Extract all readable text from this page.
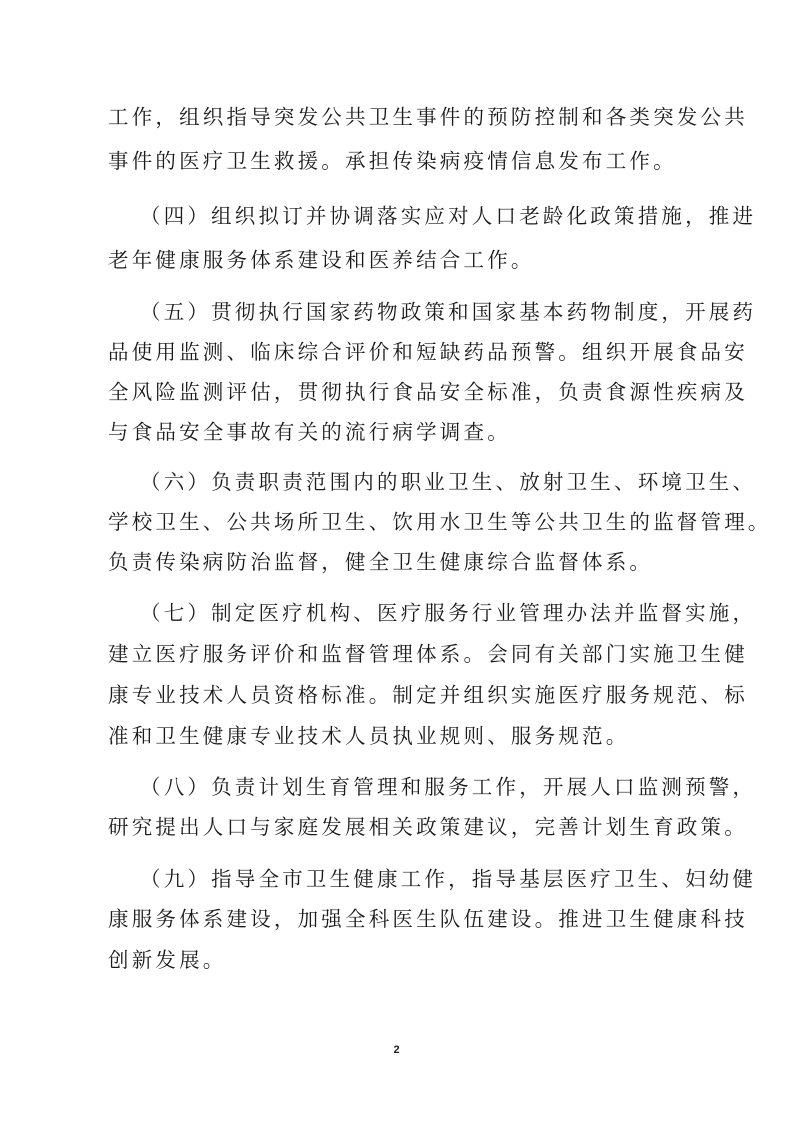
工作，组织指导突发公共卫生事件的预防控制和各类突发公共
事件的医疗卫生救援。承担传染病疫情信息发布工作。
（四）组织拟订并协调落实应对人口老龄化政策措施，推进
老年健康服务体系建设和医养结合工作。
（五）贯彻执行国家药物政策和国家基本药物制度，开展药
品使用监测、临床综合评价和短缺药品预警。组织开展食品安
全风险监测评估，贯彻执行食品安全标准，负责食源性疾病及
与食品安全事故有关的流行病学调查。
（六）负责职责范围内的职业卫生、放射卫生、环境卫生、
学校卫生、公共场所卫生、饮用水卫生等公共卫生的监督管理。
负责传染病防治监督，健全卫生健康综合监督体系。
（七）制定医疗机构、医疗服务行业管理办法并监督实施，
建立医疗服务评价和监督管理体系。会同有关部门实施卫生健
康专业技术人员资格标准。制定并组织实施医疗服务规范、标
准和卫生健康专业技术人员执业规则、服务规范。
（八）负责计划生育管理和服务工作，开展人口监测预警，
研究提出人口与家庭发展相关政策建议，完善计划生育政策。
（九）指导全市卫生健康工作，指导基层医疗卫生、妇幼健
康服务体系建设，加强全科医生队伍建设。推进卫生健康科技
创新发展。
2
